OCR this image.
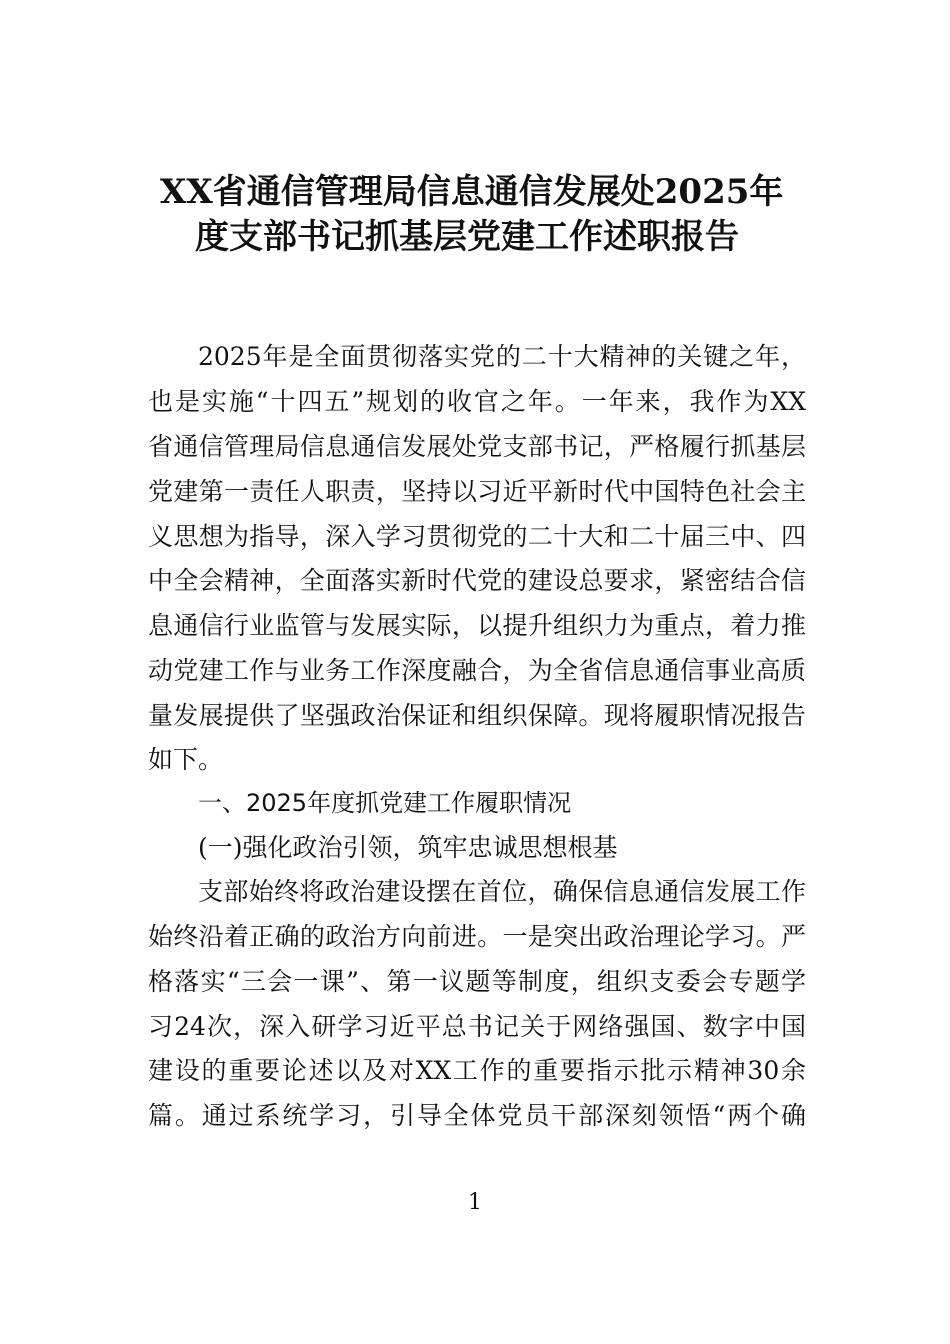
XX省通信管理局信息通信发展处2025年
度支部书记抓基层党建工作述职报告
2025年是全面贯彻落实党的二十大精神的关键之年，
也是实施“十四五”规划的收官之年。一年来，我作为XX
省通信管理局信息通信发展处党支部书记，严格履行抓基层
党建第一责任人职责，坚持以习近平新时代中国特色社会主
义思想为指导，深入学习贯彻党的二十大和二十届三中、四
中全会精神，全面落实新时代党的建设总要求，紧密结合信
息通信行业监管与发展实际，以提升组织力为重点，着力推
动党建工作与业务工作深度融合，为全省信息通信事业高质
量发展提供了坚强政治保证和组织保障。现将履职情况报告
如下。
一、2025年度抓党建工作履职情况
(一)强化政治引领，筑牢忠诚思想根基
支部始终将政治建设摆在首位，确保信息通信发展工作
始终沿着正确的政治方向前进。一是突出政治理论学习。严
格落实“三会一课”、第一议题等制度，组织支委会专题学
习24次，深入研学习近平总书记关于网络强国、数字中国
建设的重要论述以及对XX工作的重要指示批示精神30余
篇。通过系统学习，引导全体党员干部深刻领悟“两个确
1
